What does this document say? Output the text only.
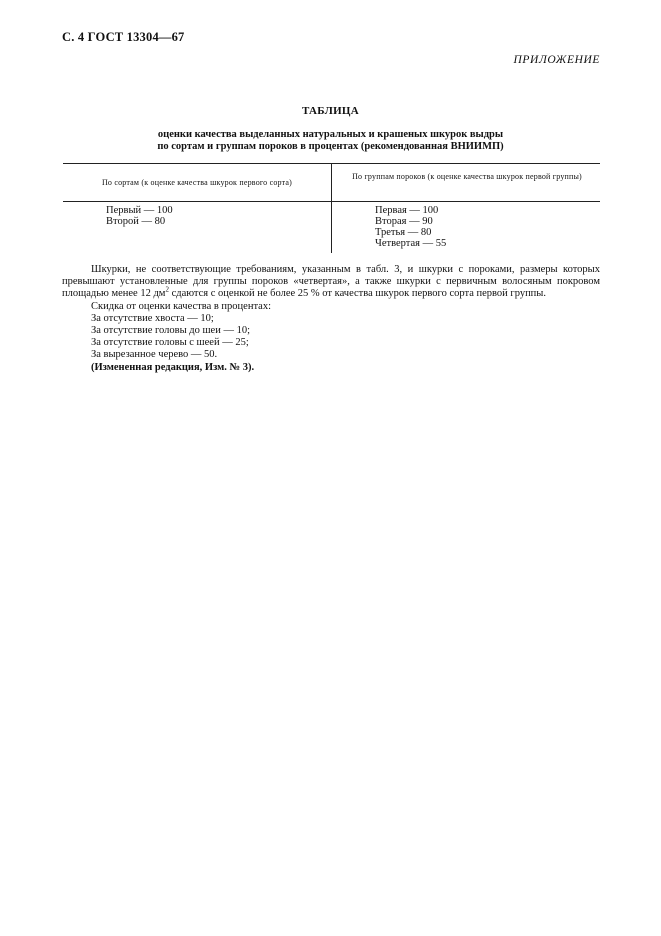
С. 4 ГОСТ 13304—67
ПРИЛОЖЕНИЕ
ТАБЛИЦА
оценки качества выделанных натуральных и крашеных шкурок выдры
по сортам и группам пороков в процентах (рекомендованная ВНИИМП)
По сортам (к оценке качества шкурок первого сорта)
По группам пороков (к оценке качества шкурок первой группы)
Первый — 100
Второй — 80
Первая — 100
Вторая — 90
Третья — 80
Четвертая — 55

Шкурки, не соответствующие требованиям, указанным в табл. 3, и шкурки с пороками, размеры которых

превышают установленные для группы пороков «четвертая», а также шкурки с первичным волосяным покровом

площадью менее 12 $дм^2$ сдаются с оценкой не более 25 % от качества шкурок первого сорта первой группы.

Скидка от оценки качества в процентах:

За отсутствие хвоста — 10;

За отсутствие головы до шеи — 10;

За отсутствие головы с шеей — 25;

За вырезанное черево — 50.

(Измененная редакция, Изм. № 3).
